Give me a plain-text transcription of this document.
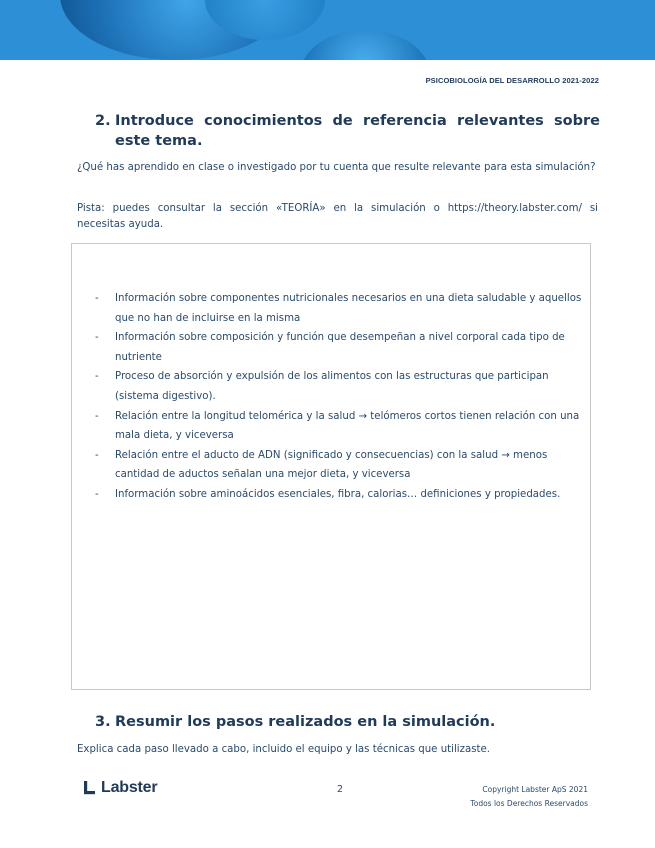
PSICOBIOLOGÍA DEL DESARROLLO 2021-2022
2. Introduce conocimientos de referencia relevantes sobre este tema.
¿Qué has aprendido en clase o investigado por tu cuenta que resulte relevante para esta simulación?
Pista: puedes consultar la sección «TEORÍA» en la simulación o https://theory.labster.com/ si necesitas ayuda.
- Información sobre componentes nutricionales necesarios en una dieta saludable y aquellos que no han de incluirse en la misma
- Información sobre composición y función que desempeñan a nivel corporal cada tipo de nutriente
- Proceso de absorción y expulsión de los alimentos con las estructuras que participan (sistema digestivo).
- Relación entre la longitud telomérica y la salud → telómeros cortos tienen relación con una mala dieta, y viceversa
- Relación entre el aducto de ADN (significado y consecuencias) con la salud → menos cantidad de aductos señalan una mejor dieta, y viceversa
- Información sobre aminoácidos esenciales, fibra, calorias… definiciones y propiedades.
3. Resumir los pasos realizados en la simulación.
Explica cada paso llevado a cabo, incluido el equipo y las técnicas que utilizaste.
Labster	2	Copyright Labster ApS 2021
Todos los Derechos Reservados
